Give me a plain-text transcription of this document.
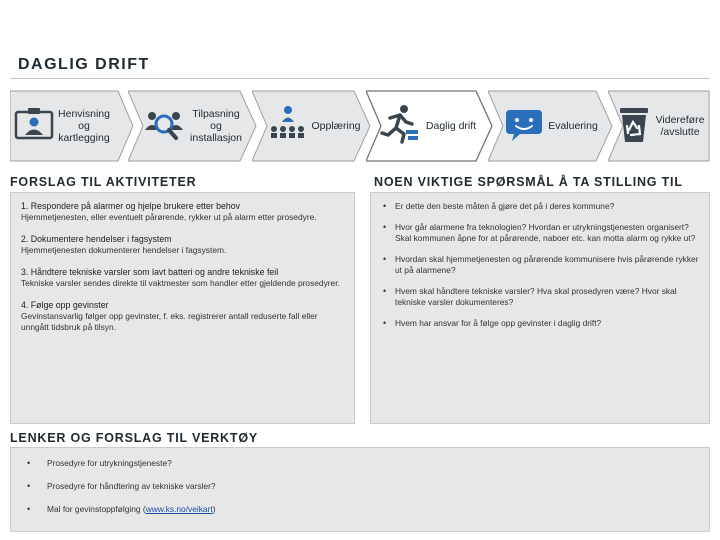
DAGLIG DRIFT
Henvisning
og
kartlegging
Tilpasning
og
installasjon
Opplæring	Daglig drift	Evaluering	Videreføre
/avslutte
FORSLAG TIL AKTIVITETER
1. Respondere på alarmer og hjelpe brukere etter behov
Hjemmetjenesten, eller eventuelt pårørende, rykker ut på alarm etter prosedyre.
2. Dokumentere hendelser i fagsystem
Hjemmetjenesten dokumenterer hendelser i fagsystem.
3. Håndtere tekniske varsler som lavt batteri og andre tekniske feil
Tekniske varsler sendes direkte til vaktmester som handler etter gjeldende prosedyrer.
4. Følge opp gevinster
Gevinstansvarlig følger opp gevinster, f. eks. registrerer antall reduserte fall eller unngått tidsbruk på tilsyn.
NOEN VIKTIGE SPØRSMÅL Å TA STILLING TIL
• Er dette den beste måten å gjøre det på i deres kommune?
• Hvor går alarmene fra teknologien? Hvordan er utrykningstjenesten organisert? Skal kommunen åpne for at pårørende, naboer etc. kan motta alarm og rykke ut?
• Hvordan skal hjemmetjenesten og pårørende kommunisere hvis pårørende rykker ut på alarmene?
• Hvem skal håndtere tekniske varsler? Hva skal prosedyren være? Hvor skal tekniske varsler dokumenteres?
• Hvem har ansvar for å følge opp gevinster i daglig drift?
LENKER OG FORSLAG TIL VERKTØY
• Prosedyre for utrykningstjeneste?
• Prosedyre for håndtering av tekniske varsler?
• Mal for gevinstoppfølging (www.ks.no/veikart)
